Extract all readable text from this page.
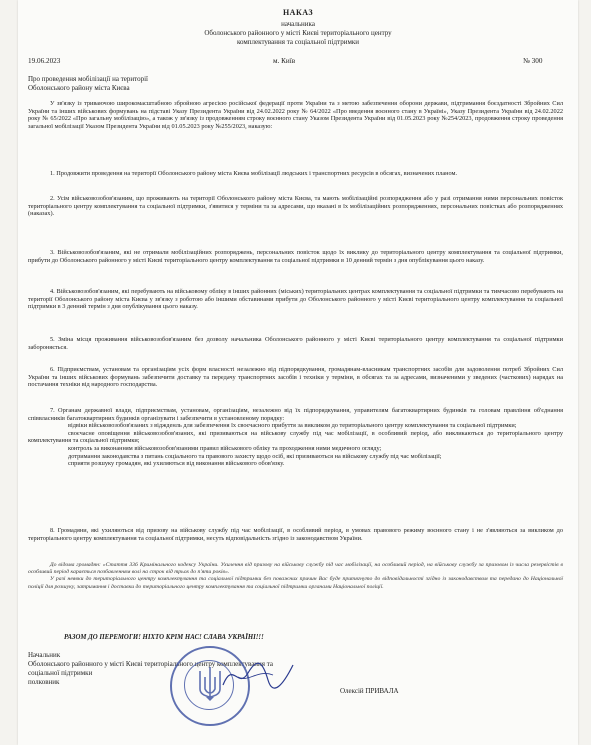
НАКАЗ
начальника
Оболонського районного у місті Києві територіального центру
комплектування та соціальної підтримки
19.06.2023	м. Київ	№ 300
Про проведення мобілізації на території
Оболонського району міста Києва

У зв'язку із триваючою широкомасштабною збройною агресією російської федерації проти України та з метою забезпечення оборони держави, підтримання боєздатності Збройних Сил України та інших військових формувань на підставі Указу Президента України від 24.02.2022 року № 64/2022 «Про введення воєнного стану в Україні», Указу Президента України від 24.02.2022 року № 65/2022 «Про загальну мобілізацію», а також у зв'язку із продовженням строку воєнного стану Указом Президента України від 01.05.2023 року №254/2023, продовження строку проведення загальної мобілізації Указом Президента України від 01.05.2023 року №255/2023, наказую:

1. Продовжити проведення на території Оболонського району міста Києва мобілізації людських і транспортних ресурсів в обсягах, визначених планом.

2. Усім військовозобов'язаним, що проживають на території Оболонського району міста Києва, та мають мобілізаційні розпорядження або у разі отримання ними персональних повісток територіального центру комплектування та соціальної підтримки, з'явитися у терміни та за адресами, що вказані в їх мобілізаційних розпорядженнях, персональних повістках або розпорядженнях (наказах).

3. Військовозобов'язаним, які не отримали мобілізаційних розпоряджень, персональних повісток щодо їх виклику до територіального центру комплектування та соціальної підтримки, прибути до Оболонського районного у місті Києві територіального центру комплектування та соціальної підтримки в 10 денний термін з дня опублікування цього наказу.

4. Військовозобов'язаним, які перебувають на військовому обліку в інших районних (міських) територіальних центрах комплектування та соціальної підтримки та тимчасово перебувають на території Оболонського району міста Києва у зв'язку з роботою або іншими обставинами прибути до Оболонського районного у місті Києві територіального центру комплектування та соціальної підтримки в 3 денний термін з дня опублікування цього наказу.

5. Зміна місця проживання військовозобов'язаним без дозволу начальника Оболонського районного у місті Києві територіального центру комплектування та соціальної підтримки забороняється.

6. Підприємствам, установам та організаціям усіх форм власності незалежно від підпорядкування, громадянам-власникам транспортних засобів для задоволення потреб Збройних Сил України та інших військових формувань забезпечити доставку та передачу транспортних засобів і техніки у терміни, в обсягах та за адресами, визначеними у зведених (часткових) нарядах на постачання техніки від народного господарства.

7. Органам державної влади, підприємствам, установам, організаціям, незалежно від їх підпорядкування, управителям багатоквартирних будинків та головам правління об'єднання співвласників багатоквартирних будинків організувати і забезпечити в установленому порядку:

відвіки військовозобов'язаних з віджденль для забезпечення їх своєчасного прибуття за викликом до територіального центру комплектування та соціальної підтримки;

своєчасне оповіщення військовозобов'язаних, які призиваються на військову службу під час мобілізації, в особливий період, або викликаються до територіального центру комплектування та соціальної підтримки;

контроль за виконанням військовозобов'язаними правил військового обліку та проходження ними медичного огляду;

дотримання законодавства з питань соціального та правового захисту щодо осіб, які призиваються на військову службу під час мобілізації;

сприяти розшуку громадян, які ухиляються від виконання військового обов'язку.

8. Громадяни, які ухиляються від призову на військову службу під час мобілізації, в особливий період, в умовах правового режиму воєнного стану і не з'являються за викликом до територіального центру комплектування та соціальної підтримки, несуть відповідальність згідно із законодавством України.

До відома громадян: «Стаття 336 Кримінального кодексу України. Ухилення від призову на військову службу під час мобілізації, на особливий період, на військову службу за призовом із числа резервістів в особливий період карається позбавленням волі на строк від трьох до п'яти років».

У разі неявки до територіального центру комплектування та соціальної підтримки без поважних причин Вас буде притягнуто до відповідальності згідно із законодавством та передано до Національної поліції для розшуку, затримання і доставки до територіального центру комплектування та соціальної підтримки органами Національної поліції.

РАЗОМ ДО ПЕРЕМОГИ! НІХТО КРІМ НАС! СЛАВА УКРАЇНІ!!!
Начальник
Оболонського районного у місті Києві територіального центру комплектування та
соціальної підтримки
полковник
Олексій ПРИВАЛА
